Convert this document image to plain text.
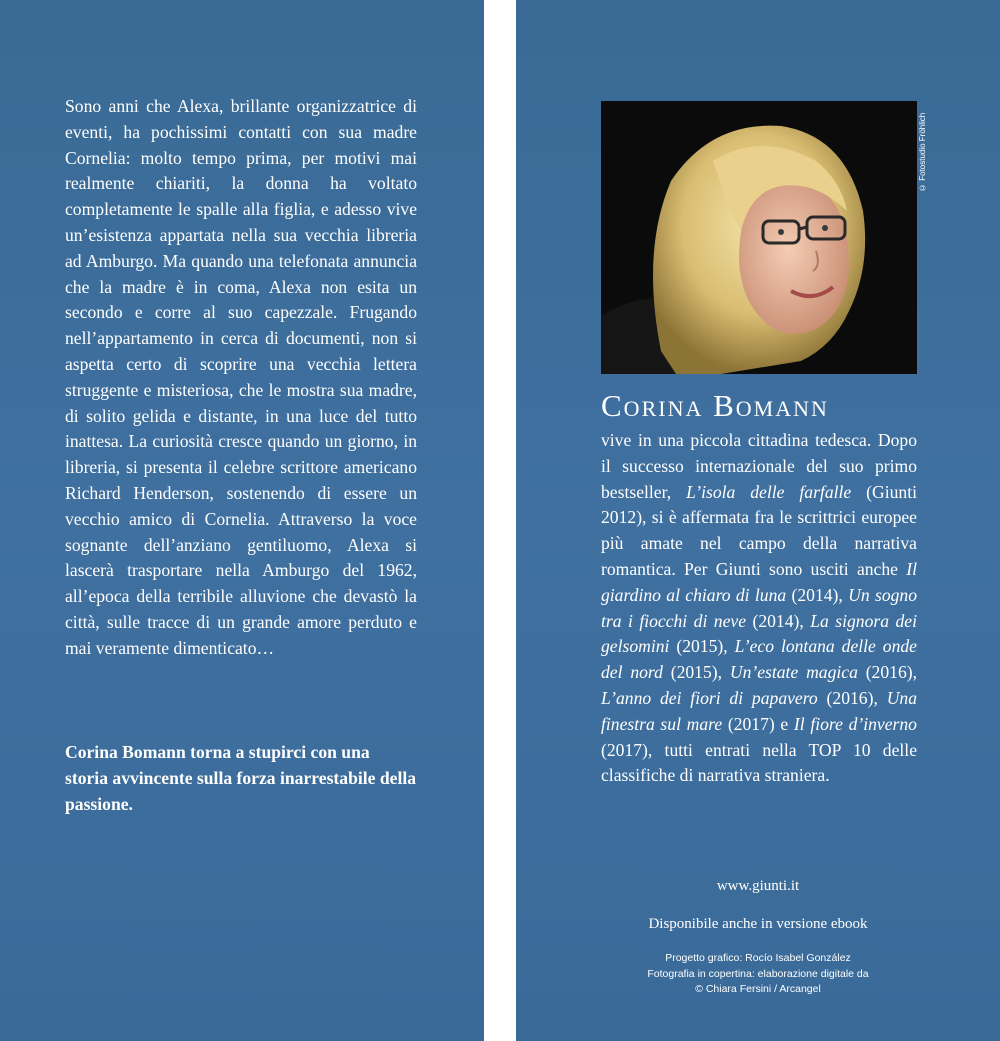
Sono anni che Alexa, brillante organizzatrice di eventi, ha pochissimi contatti con sua madre Cornelia: molto tempo prima, per motivi mai realmente chiariti, la donna ha voltato completamente le spalle alla figlia, e adesso vive un’esistenza appartata nella sua vecchia libreria ad Amburgo. Ma quando una telefonata annuncia che la madre è in coma, Alexa non esita un secondo e corre al suo capezzale. Frugando nell’appartamento in cerca di documenti, non si aspetta certo di scoprire una vecchia lettera struggente e misteriosa, che le mostra sua madre, di solito gelida e distante, in una luce del tutto inattesa. La curiosità cresce quando un giorno, in libreria, si presenta il celebre scrittore americano Richard Henderson, sostenendo di essere un vecchio amico di Cornelia. Attraverso la voce sognante dell’anziano gentiluomo, Alexa si lascerà trasportare nella Amburgo del 1962, all’epoca della terribile alluvione che devastò la città, sulle tracce di un grande amore perduto e mai veramente dimenticato…
Corina Bomann torna a stupirci con una storia avvincente sulla forza inarrestabile della passione.
© Fotostudio Fröhlich
Corina Bomann
vive in una piccola cittadina tedesca. Dopo il successo internazionale del suo primo bestseller, L’isola delle farfalle (Giunti 2012), si è affermata fra le scrittrici europee più amate nel campo della narrativa romantica. Per Giunti sono usciti anche Il giardino al chiaro di luna (2014), Un sogno tra i fiocchi di neve (2014), La signora dei gelsomini (2015), L’eco lontana delle onde del nord (2015), Un’estate magica (2016), L’anno dei fiori di papavero (2016), Una finestra sul mare (2017) e Il fiore d’inverno (2017), tutti entrati nella TOP 10 delle classifiche di narrativa straniera.
www.giunti.it
Disponibile anche in versione ebook
Progetto grafico: Rocío Isabel González
Fotografia in copertina: elaborazione digitale da
© Chiara Fersini / Arcangel
